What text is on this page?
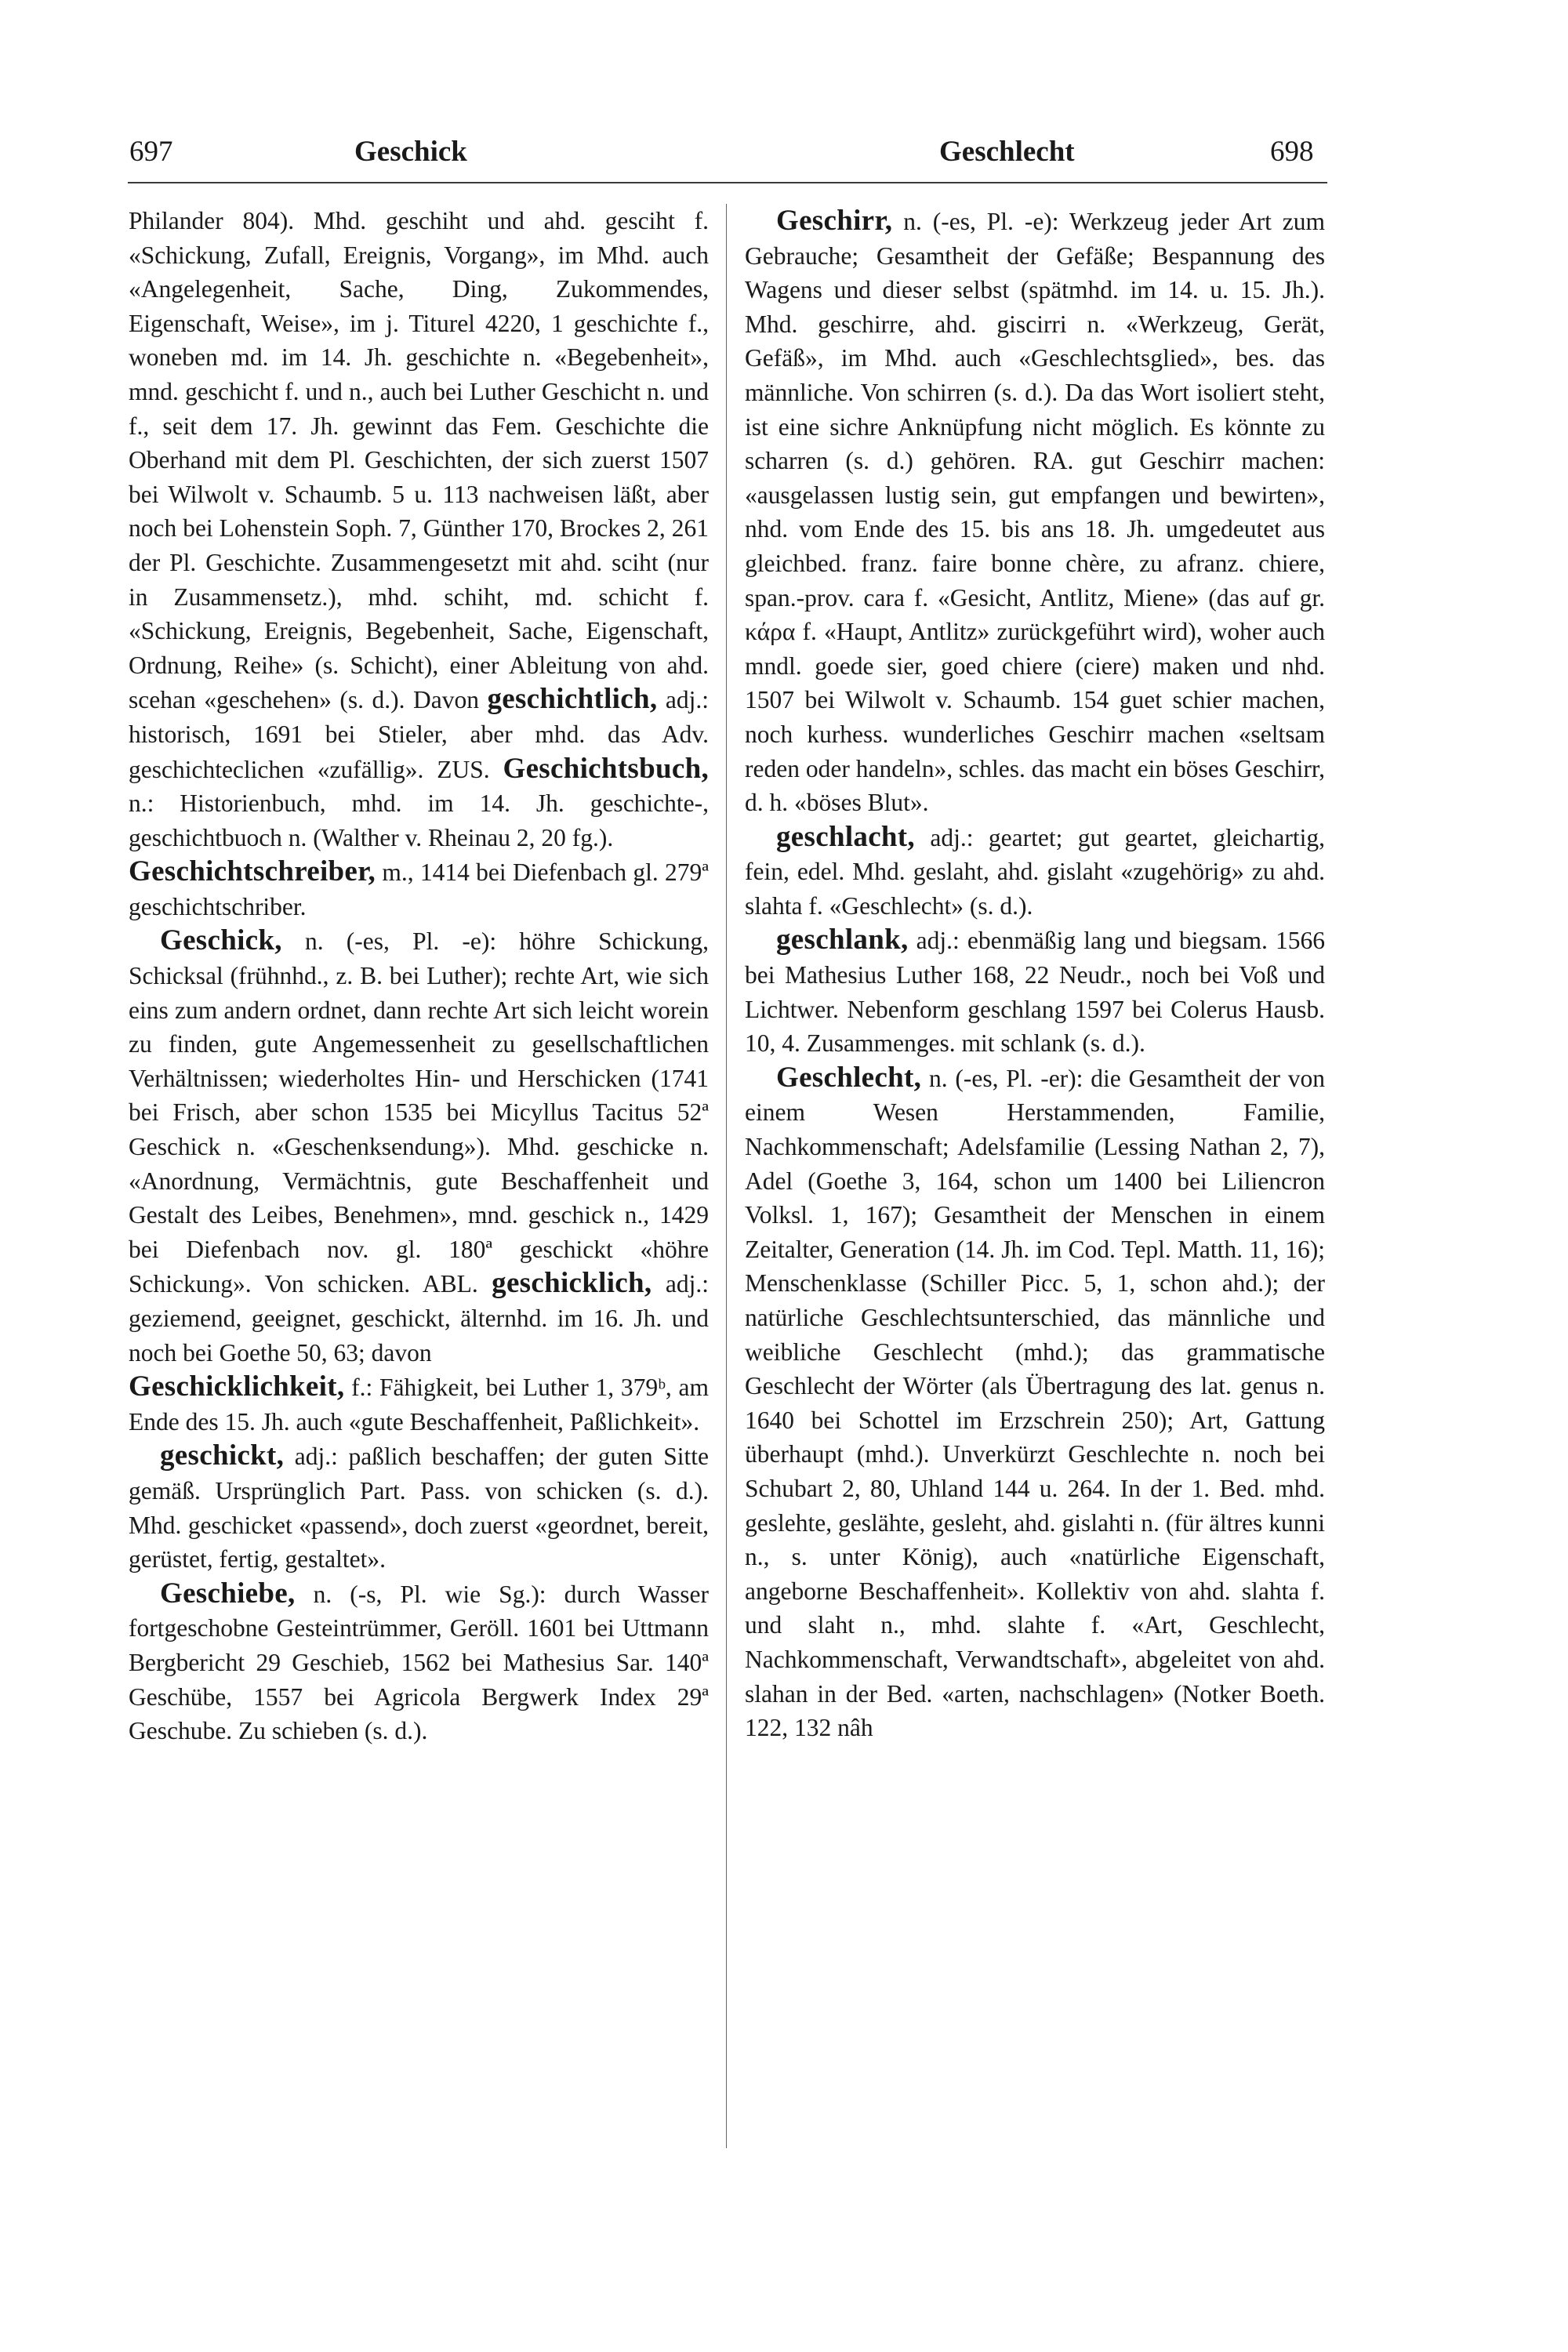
697	Geschick	Geschlecht	698

Philander 804). Mhd. geschiht und ahd. gesciht f. «Schickung, Zufall, Ereignis, Vorgang», im Mhd. auch «Angelegenheit, Sache, Ding, Zukommendes, Eigenschaft, Weise», im j. Titurel 4220, 1 geschichte f., woneben md. im 14. Jh. geschichte n. «Begebenheit», mnd. geschicht f. und n., auch bei Luther Geschicht n. und f., seit dem 17. Jh. gewinnt das Fem. Geschichte die Oberhand mit dem Pl. Geschichten, der sich zuerst 1507 bei Wilwolt v. Schaumb. 5 u. 113 nachweisen läßt, aber noch bei Lohenstein Soph. 7, Günther 170, Brockes 2, 261 der Pl. Geschichte. Zusammengesetzt mit ahd. sciht (nur in Zusammensetz.), mhd. schiht, md. schicht f. «Schickung, Ereignis, Begebenheit, Sache, Eigenschaft, Ordnung, Reihe» (s. Schicht), einer Ableitung von ahd. scehan «geschehen» (s. d.). Davon geschichtlich, adj.: historisch, 1691 bei Stieler, aber mhd. das Adv. geschichteclichen «zufällig». ZUS. Geschichtsbuch, n.: Historienbuch, mhd. im 14. Jh. geschichte-, geschichtbuoch n. (Walther v. Rheinau 2, 20 fg.).

Geschichtschreiber, m., 1414 bei Diefenbach gl. 279ª geschichtschriber.

Geschick, n. (-es, Pl. -e): höhre Schickung, Schicksal (frühnhd., z. B. bei Luther); rechte Art, wie sich eins zum andern ordnet, dann rechte Art sich leicht worein zu finden, gute Angemessenheit zu gesellschaftlichen Verhältnissen; wiederholtes Hin- und Herschicken (1741 bei Frisch, aber schon 1535 bei Micyllus Tacitus 52ª Geschick n. «Geschenksendung»). Mhd. geschicke n. «Anordnung, Vermächtnis, gute Beschaffenheit und Gestalt des Leibes, Benehmen», mnd. geschick n., 1429 bei Diefenbach nov. gl. 180ª geschickt «höhre Schickung». Von schicken. ABL. geschicklich, adj.: geziemend, geeignet, geschickt, älternhd. im 16. Jh. und noch bei Goethe 50, 63; davon

Geschicklichkeit, f.: Fähigkeit, bei Luther 1, 379ᵇ, am Ende des 15. Jh. auch «gute Beschaffenheit, Paßlichkeit».

geschickt, adj.: paßlich beschaffen; der guten Sitte gemäß. Ursprünglich Part. Pass. von schicken (s. d.). Mhd. geschicket «passend», doch zuerst «geordnet, bereit, gerüstet, fertig, gestaltet».

Geschiebe, n. (-s, Pl. wie Sg.): durch Wasser fortgeschobne Gesteintrümmer, Geröll. 1601 bei Uttmann Bergbericht 29 Geschieb, 1562 bei Mathesius Sar. 140ª Geschübe, 1557 bei Agricola Bergwerk Index 29ª Geschube. Zu schieben (s. d.).

Geschirr, n. (-es, Pl. -e): Werkzeug jeder Art zum Gebrauche; Gesamtheit der Gefäße; Bespannung des Wagens und dieser selbst (spätmhd. im 14. u. 15. Jh.). Mhd. geschirre, ahd. giscirri n. «Werkzeug, Gerät, Gefäß», im Mhd. auch «Geschlechtsglied», bes. das männliche. Von schirren (s. d.). Da das Wort isoliert steht, ist eine sichre Anknüpfung nicht möglich. Es könnte zu scharren (s. d.) gehören. RA. gut Geschirr machen: «ausgelassen lustig sein, gut empfangen und bewirten», nhd. vom Ende des 15. bis ans 18. Jh. umgedeutet aus gleichbed. franz. faire bonne chère, zu afranz. chiere, span.-prov. cara f. «Gesicht, Antlitz, Miene» (das auf gr. κάρα f. «Haupt, Antlitz» zurückgeführt wird), woher auch mndl. goede sier, goed chiere (ciere) maken und nhd. 1507 bei Wilwolt v. Schaumb. 154 guet schier machen, noch kurhess. wunderliches Geschirr machen «seltsam reden oder handeln», schles. das macht ein böses Geschirr, d. h. «böses Blut».

geschlacht, adj.: geartet; gut geartet, gleichartig, fein, edel. Mhd. geslaht, ahd. gislaht «zugehörig» zu ahd. slahta f. «Geschlecht» (s. d.).

geschlank, adj.: ebenmäßig lang und biegsam. 1566 bei Mathesius Luther 168, 22 Neudr., noch bei Voß und Lichtwer. Nebenform geschlang 1597 bei Colerus Hausb. 10, 4. Zusammenges. mit schlank (s. d.).

Geschlecht, n. (-es, Pl. -er): die Gesamtheit der von einem Wesen Herstammenden, Familie, Nachkommenschaft; Adelsfamilie (Lessing Nathan 2, 7), Adel (Goethe 3, 164, schon um 1400 bei Liliencron Volksl. 1, 167); Gesamtheit der Menschen in einem Zeitalter, Generation (14. Jh. im Cod. Tepl. Matth. 11, 16); Menschenklasse (Schiller Picc. 5, 1, schon ahd.); der natürliche Geschlechtsunterschied, das männliche und weibliche Geschlecht (mhd.); das grammatische Geschlecht der Wörter (als Übertragung des lat. genus n. 1640 bei Schottel im Erzschrein 250); Art, Gattung überhaupt (mhd.). Unverkürzt Geschlechte n. noch bei Schubart 2, 80, Uhland 144 u. 264. In der 1. Bed. mhd. geslehte, geslähte, gesleht, ahd. gislahti n. (für ältres kunni n., s. unter König), auch «natürliche Eigenschaft, angeborne Beschaffenheit». Kollektiv von ahd. slahta f. und slaht n., mhd. slahte f. «Art, Geschlecht, Nachkommenschaft, Verwandtschaft», abgeleitet von ahd. slahan in der Bed. «arten, nachschlagen» (Notker Boeth. 122, 132 nâh
